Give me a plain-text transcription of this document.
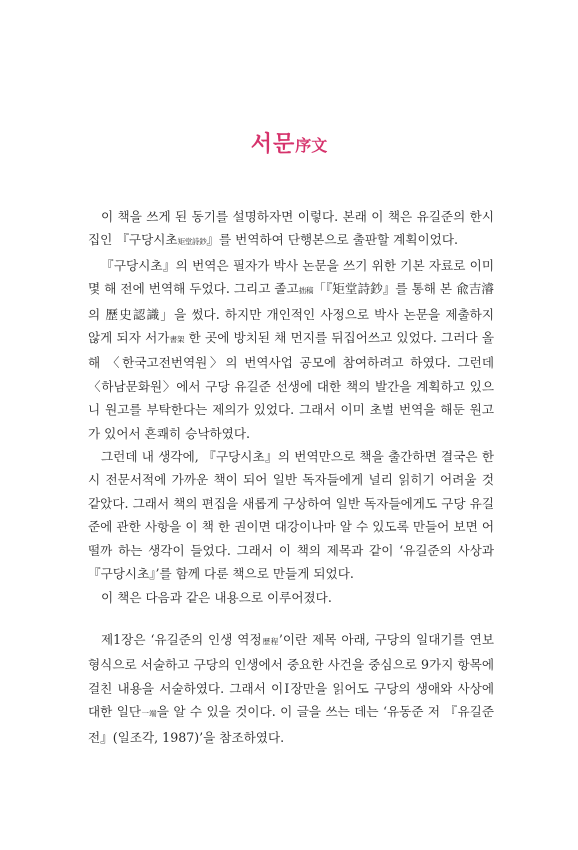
서문序文

이 책을 쓰게 된 동기를 설명하자면 이렇다. 본래 이 책은 유길준의 한시집인 『구당시초矩堂詩鈔』를 번역하여 단행본으로 출판할 계획이었다.

『구당시초』의 번역은 필자가 박사 논문을 쓰기 위한 기본 자료로 이미 몇 해 전에 번역해 두었다. 그리고 졸고拙稿「『矩堂詩鈔』를 통해 본 兪吉濬의 歷史認識」을 썼다. 하지만 개인적인 사정으로 박사 논문을 제출하지 않게 되자 서가書架 한 곳에 방치된 채 먼지를 뒤집어쓰고 있었다. 그러다 올해 〈한국고전번역원〉의 번역사업 공모에 참여하려고 하였다. 그런데 〈하남문화원〉에서 구당 유길준 선생에 대한 책의 발간을 계획하고 있으니 원고를 부탁한다는 제의가 있었다. 그래서 이미 초벌 번역을 해둔 원고가 있어서 흔쾌히 승낙하였다.

그런데 내 생각에, 『구당시초』의 번역만으로 책을 출간하면 결국은 한시 전문서적에 가까운 책이 되어 일반 독자들에게 널리 읽히기 어려울 것 같았다. 그래서 책의 편집을 새롭게 구상하여 일반 독자들에게도 구당 유길준에 관한 사항을 이 책 한 권이면 대강이나마 알 수 있도록 만들어 보면 어떨까 하는 생각이 들었다. 그래서 이 책의 제목과 같이 ‘유길준의 사상과 『구당시초』’를 함께 다룬 책으로 만들게 되었다.

이 책은 다음과 같은 내용으로 이루어졌다.

제1장은 ‘유길준의 인생 역정歷程’이란 제목 아래, 구당의 일대기를 연보 형식으로 서술하고 구당의 인생에서 중요한 사건을 중심으로 9가지 항목에 걸친 내용을 서술하였다. 그래서 이Ⅰ장만을 읽어도 구당의 생애와 사상에 대한 일단一端을 알 수 있을 것이다. 이 글을 쓰는 데는 ‘유동준 저 『유길준 전』(일조각, 1987)’을 참조하였다.
